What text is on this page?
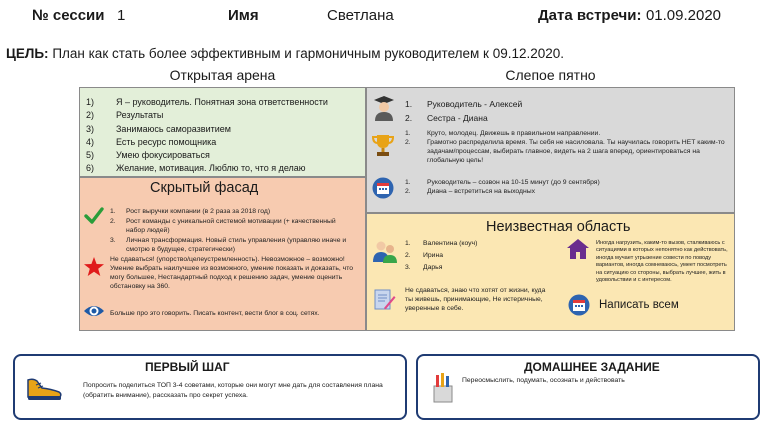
№ сессии 1	Имя	Светлана	Дата встречи: 01.09.2020
ЦЕЛЬ: План как стать более эффективным и гармоничным руководителем к 09.12.2020.
Открытая арена	Слепое пятно
1)	Я – руководитель. Понятная зона ответственности
2)	Результаты
3)	Занимаюсь саморазвитием
4)	Есть ресурс помощника
5)	Умею фокусироваться
6)	Желание, мотивация. Люблю то, что я делаю
Скрытый фасад
1.	Рост выручки компании (в 2 раза за 2018 год)
2.	Рост команды с уникальной системой мотивации (+ качественный набор людей)
3.	Личная трансформация. Новый стиль управления (управляю иначе и смотрю в будущее, стратегически)
Не сдаваться! (упорство/целеустремленность). Невозможное – возможно! Умение выбрать наилучшее из возможного, умение показать и доказать, что могу большее, Нестандартный подход к решению задач, умение оценить обстановку на 360.
Больше про это говорить. Писать контент, вести блог в соц. сетях.
1.	Руководитель - Алексей
2.	Сестра - Диана
1.	Круто, молодец. Движешь в правильном направлении.
2.	Грамотно распределила время. Ты себя не насиловала. Ты научилась говорить НЕТ каким-то задачам/процессам, выбирать главное, видеть на 2 шага вперед, ориентироваться на глобальную цель!
1.	Руководитель – созвон на 10-15 минут (до 9 сентября)
2.	Диана – встретиться на выходных
Неизвестная область
1.	Валентина (коуч)
2.	Ирина
3.	Дарья
Иногда нагрузить, каким-то вызов, сталкиваюсь с ситуациями в которых непонятно как действовать, иногда мучает угрызение совести по поводу вариантов, иногда сомневаюсь, умеет посмотреть на ситуацию со стороны, выбрать лучшее, жить в удовольствии и с интересом.
Не сдаваться, знаю что хотят от жизни, куда ты живешь, принимающие, Не истеричные, уверенные в себе.	Написать всем
ПЕРВЫЙ ШАГ
Попросить поделиться ТОП 3-4 советами, которые они могут мне дать для составления плана (обратить внимание), рассказать про секрет успеха.
ДОМАШНЕЕ ЗАДАНИЕ
Переосмыслить, подумать, осознать и действовать
